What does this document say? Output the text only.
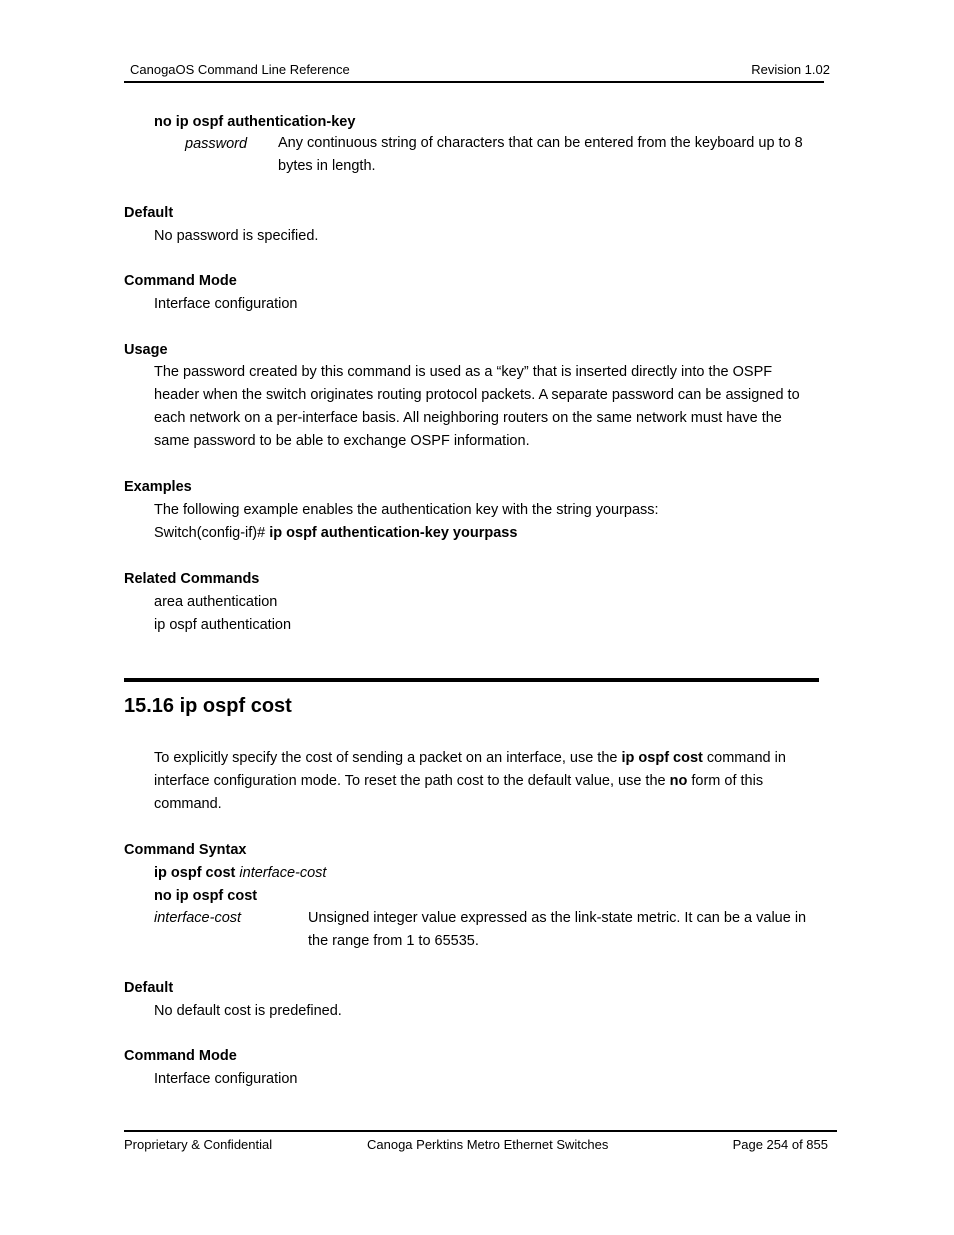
CanogaOS Command Line Reference	Revision 1.02
no ip ospf authentication-key
password Any continuous string of characters that can be entered from the keyboard up to 8
bytes in length.
Default
No password is specified.
Command Mode
Interface configuration
Usage
The password created by this command is used as a “key” that is inserted directly into the OSPF
header when the switch originates routing protocol packets. A separate password can be assigned to
each network on a per-interface basis. All neighboring routers on the same network must have the
same password to be able to exchange OSPF information.
Examples
The following example enables the authentication key with the string yourpass:
Switch(config-if)# ip ospf authentication-key yourpass
Related Commands
area authentication
ip ospf authentication
15.16 ip ospf cost
To explicitly specify the cost of sending a packet on an interface, use the ip ospf cost command in
interface configuration mode. To reset the path cost to the default value, use the no form of this
command.
Command Syntax
ip ospf cost interface-cost
no ip ospf cost
interface-cost	Unsigned integer value expressed as the link-state metric. It can be a value in
the range from 1 to 65535.
Default
No default cost is predefined.
Command Mode
Interface configuration
Proprietary & Confidential	Canoga Perktins Metro Ethernet Switches	Page 254 of 855
